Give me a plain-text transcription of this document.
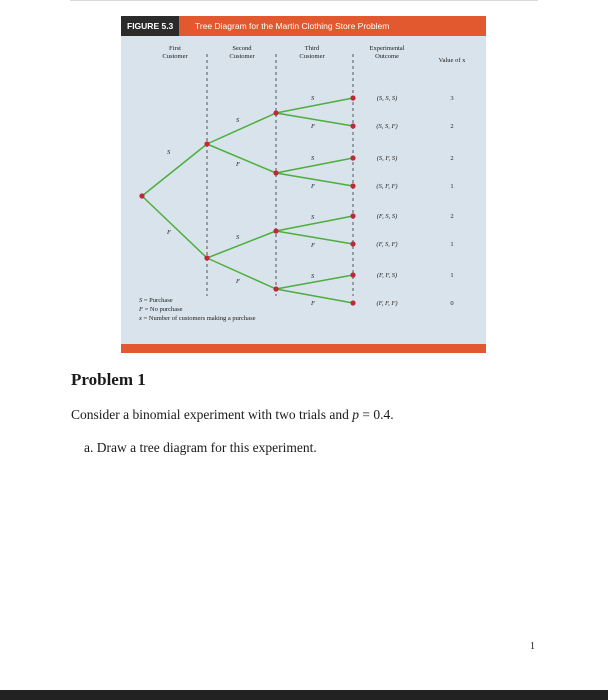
FIGURE 5.3	Tree Diagram for the Martin Clothing Store Problem
First
Customer
Second
Customer
Third
Customer
Experimental
Outcome
Value of x
S
F
S
F
S
F
S
F
S
F
S
F
S
F
(S, S, S)
(S, S, F)
(S, F, S)
(S, F, F)
(F, S, S)
(F, S, F)
(F, F, S)
(F, F, F)
3
2
2
1
2
1
1
0
S = Purchase
F = No purchase
x = Number of customers making a purchase
Problem 1
Consider a binomial experiment with two trials and p = 0.4.
a. Draw a tree diagram for this experiment.
1
